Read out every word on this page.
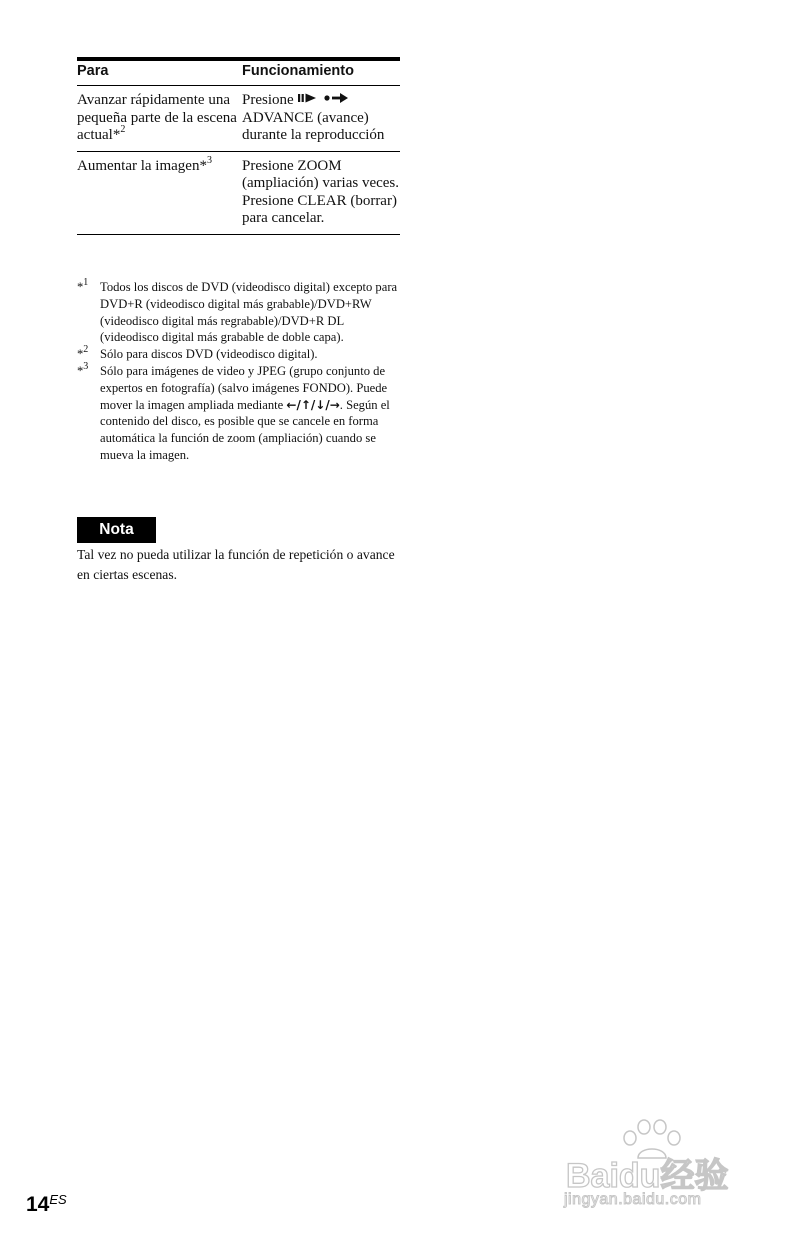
Para	Funcionamiento
Avanzar rápidamente una pequeña parte de la escena actual*$^2$	Presione
ADVANCE (avance) durante la reproducción
Aumentar la imagen*$^3$	Presione ZOOM (ampliación) varias veces. Presione CLEAR (borrar) para cancelar.
*$^1$ Todos los discos de DVD (videodisco digital) excepto para DVD+R (videodisco digital más grabable)/DVD+RW (videodisco digital más regrabable)/DVD+R DL (videodisco digital más grabable de doble capa).
*$^2$ Sólo para discos DVD (videodisco digital).
*$^3$ Sólo para imágenes de video y JPEG (grupo conjunto de expertos en fotografía) (salvo imágenes FONDO). Puede mover la imagen ampliada mediante ←/↑/↓/→. Según el contenido del disco, es posible que se cancele en forma automática la función de zoom (ampliación) cuando se mueva la imagen.
Nota
Tal vez no pueda utilizar la función de repetición o avance en ciertas escenas.
$14^{ES}$
Baidu经验
jingyan.baidu.com
